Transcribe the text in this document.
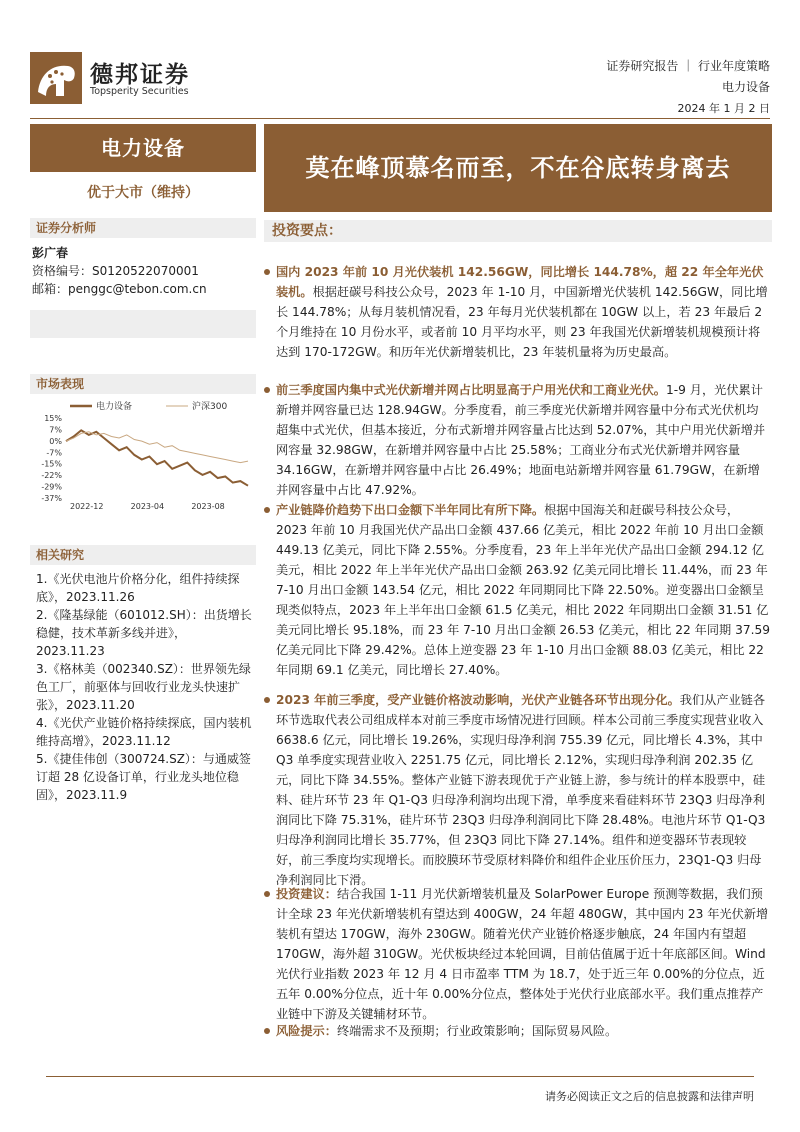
德邦证券
Topsperity Securities
证券研究报告 ｜ 行业年度策略
电力设备
2024 年 1 月 2 日
电力设备
优于大市（维持）
证券分析师
彭广春
资格编号：S0120522070001
邮箱：penggc@tebon.com.cn
市场表现
电力设备	沪深300
15%
7%
0%
-7%
-15%
-22%
-29%
-37%
2022-12	2023-04	2023-08
相关研究
1.《光伏电池片价格分化，组件持续探底》，2023.11.26
2.《隆基绿能（601012.SH）：出货增长稳健，技术革新多线并进》，2023.11.23
3.《格林美（002340.SZ）：世界领先绿色工厂，前驱体与回收行业龙头快速扩张》，2023.11.20
4.《光伏产业链价格持续探底，国内装机维持高增》，2023.11.12
5.《捷佳伟创（300724.SZ）：与通威签订超 28 亿设备订单，行业龙头地位稳固》，2023.11.9
莫在峰顶慕名而至，不在谷底转身离去
投资要点：
国内 2023 年前 10 月光伏装机 142.56GW，同比增长 144.78%，超 22 年全年光伏装机。根据赶碳号科技公众号，2023 年 1-10 月，中国新增光伏装机 142.56GW，同比增长 144.78%；从每月装机情况看，23 年每月光伏装机都在 10GW 以上，若 23 年最后 2 个月维持在 10 月份水平，或者前 10 月平均水平，则 23 年我国光伏新增装机规模预计将达到 170-172GW。和历年光伏新增装机比，23 年装机量将为历史最高。
前三季度国内集中式光伏新增并网占比明显高于户用光伏和工商业光伏。1-9 月，光伏累计新增并网容量已达 128.94GW。分季度看，前三季度光伏新增并网容量中分布式光伏机均超集中式光伏，但基本接近，分布式新增并网容量占比达到 52.07%，其中户用光伏新增并网容量 32.98GW，在新增并网容量中占比 25.58%；工商业分布式光伏新增并网容量 34.16GW，在新增并网容量中占比 26.49%；地面电站新增并网容量 61.79GW，在新增并网容量中占比 47.92%。
产业链降价趋势下出口金额下半年同比有所下降。根据中国海关和赶碳号科技公众号，2023 年前 10 月我国光伏产品出口金额 437.66 亿美元，相比 2022 年前 10 月出口金额 449.13 亿美元，同比下降 2.55%。分季度看，23 年上半年光伏产品出口金额 294.12 亿美元，相比 2022 年上半年光伏产品出口金额 263.92 亿美元同比增长 11.44%，而 23 年 7-10 月出口金额 143.54 亿元，相比 2022 年同期同比下降 22.50%。逆变器出口金额呈现类似特点，2023 年上半年出口金额 61.5 亿美元，相比 2022 年同期出口金额 31.51 亿美元同比增长 95.18%，而 23 年 7-10 月出口金额 26.53 亿美元，相比 22 年同期 37.59 亿美元同比下降 29.42%。总体上逆变器 23 年 1-10 月出口金额 88.03 亿美元，相比 22 年同期 69.1 亿美元，同比增长 27.40%。
2023 年前三季度，受产业链价格波动影响，光伏产业链各环节出现分化。我们从产业链各环节选取代表公司组成样本对前三季度市场情况进行回顾。样本公司前三季度实现营业收入 6638.6 亿元，同比增长 19.26%，实现归母净利润 755.39 亿元，同比增长 4.3%，其中 Q3 单季度实现营业收入 2251.75 亿元，同比增长 2.12%，实现归母净利润 202.35 亿元，同比下降 34.55%。整体产业链下游表现优于产业链上游，参与统计的样本股票中，硅料、硅片环节 23 年 Q1-Q3 归母净利润均出现下滑，单季度来看硅料环节 23Q3 归母净利润同比下降 75.31%，硅片环节 23Q3 归母净利润同比下降 28.48%。电池片环节 Q1-Q3 归母净利润同比增长 35.77%，但 23Q3 同比下降 27.14%。组件和逆变器环节表现较好，前三季度均实现增长。而胶膜环节受原材料降价和组件企业压价压力，23Q1-Q3 归母净利润同比下滑。
投资建议：结合我国 1-11 月光伏新增装机量及 SolarPower Europe 预测等数据，我们预计全球 23 年光伏新增装机有望达到 400GW，24 年超 480GW，其中国内 23 年光伏新增装机有望达 170GW，海外 230GW。随着光伏产业链价格逐步触底，24 年国内有望超 170GW，海外超 310GW。光伏板块经过本轮回调，目前估值属于近十年底部区间。Wind 光伏行业指数 2023 年 12 月 4 日市盈率 TTM 为 18.7，处于近三年 0.00%的分位点，近五年 0.00%分位点，近十年 0.00%分位点，整体处于光伏行业底部水平。我们重点推荐产业链中下游及关键辅材环节。
风险提示：终端需求不及预期；行业政策影响；国际贸易风险。
请务必阅读正文之后的信息披露和法律声明
